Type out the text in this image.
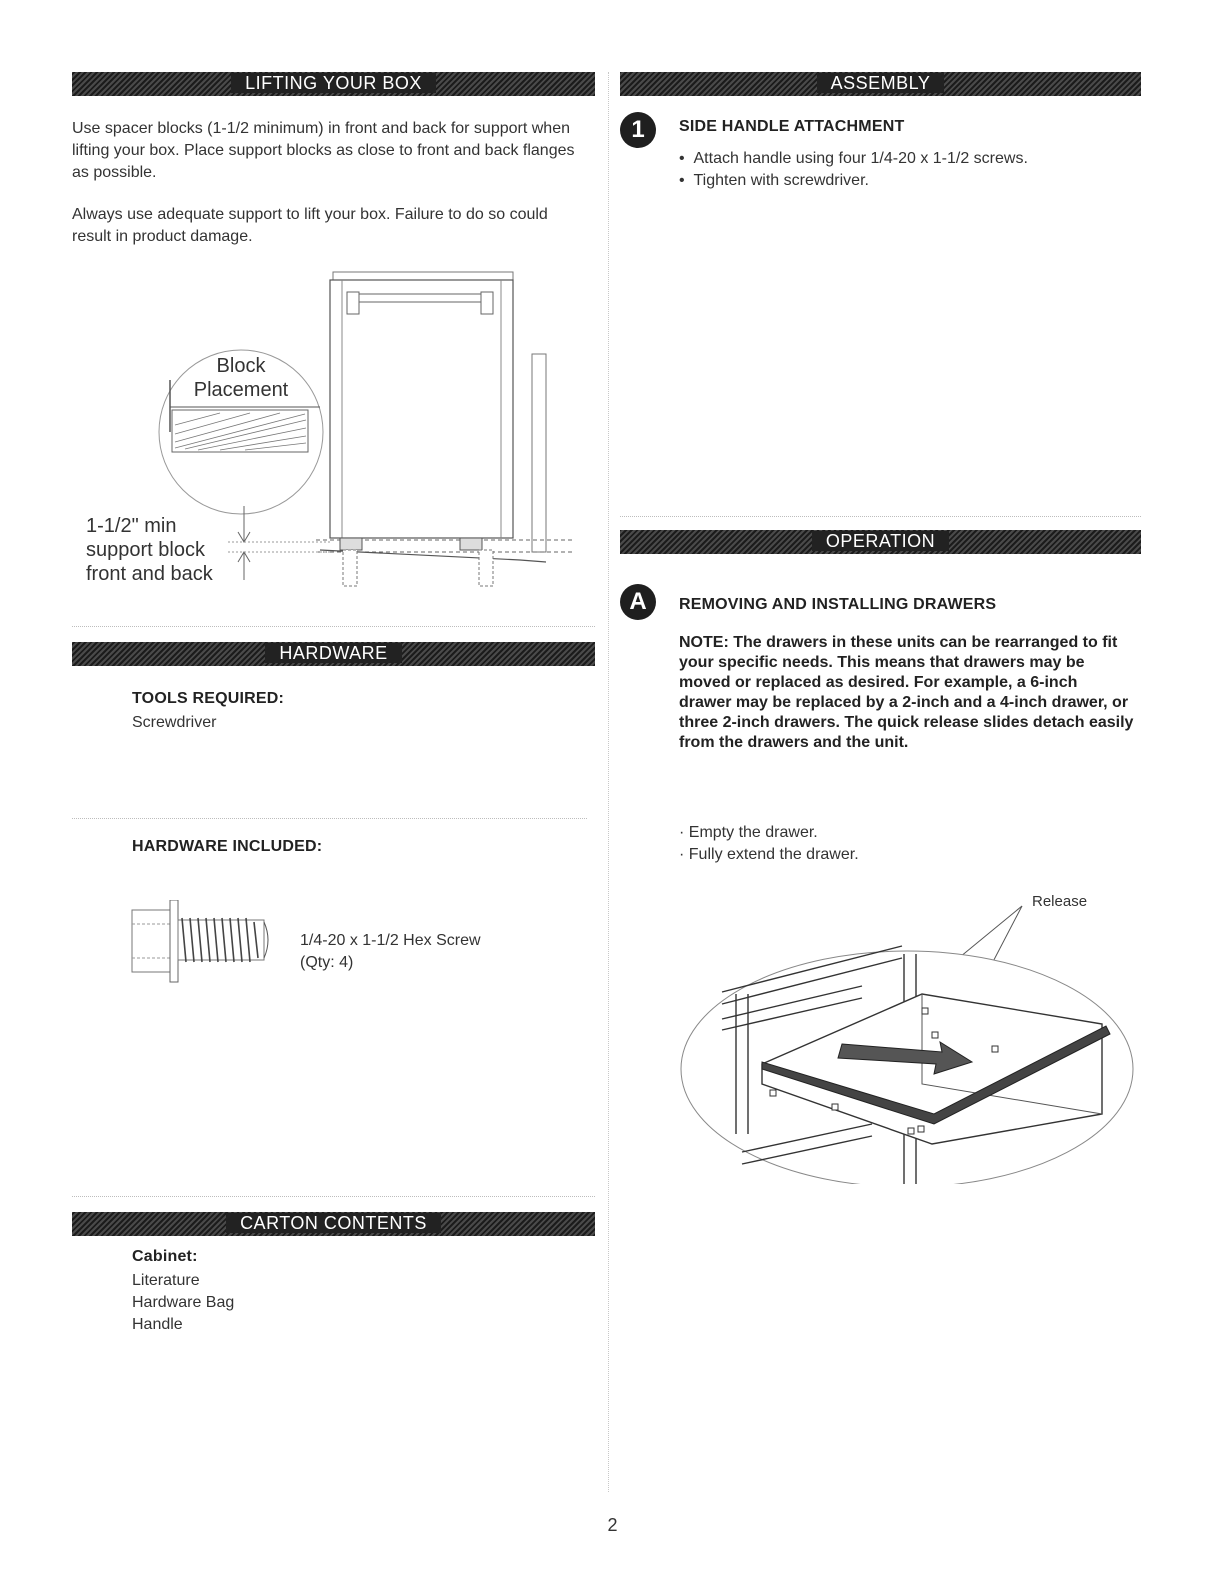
LIFTING YOUR BOX

Use spacer blocks (1-1/2 minimum) in front and back for support when lifting your box. Place support blocks as close to front and back flanges as possible.

Always use adequate support to lift your box. Failure to do so could result in product damage.

Block
Placement
1-1/2" min
support block
front and back
HARDWARE
TOOLS REQUIRED:
Screwdriver
HARDWARE INCLUDED:
1/4-20 x 1-1/2 Hex Screw
(Qty: 4)
CARTON CONTENTS
Cabinet:
Literature
Hardware Bag
Handle
ASSEMBLY
1	SIDE HANDLE ATTACHMENT
•  Attach handle using four 1/4-20 x 1-1/2 screws.
•  Tighten with screwdriver.
OPERATION
A	REMOVING AND INSTALLING DRAWERS

NOTE: The drawers in these units can be rearranged to fit your specific needs. This means that drawers may be moved or replaced as desired. For example, a 6-inch drawer may be replaced by a 2-inch and a 4-inch drawer, or three 2-inch drawers. The quick release slides detach easily from the drawers and the unit.

· Empty the drawer.
· Fully extend the drawer.
Release
2
